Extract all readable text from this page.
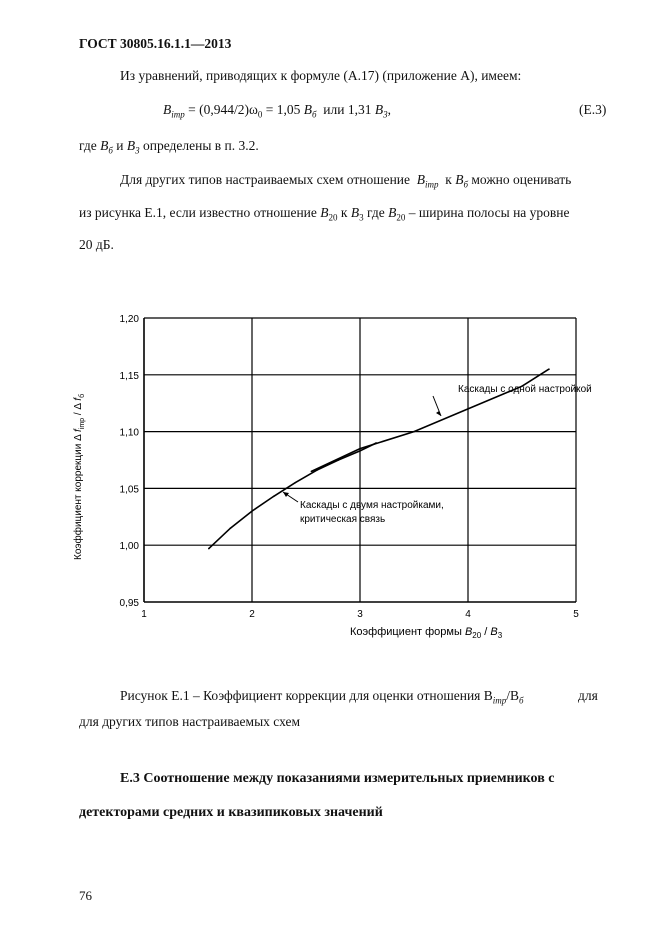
ГОСТ 30805.16.1.1—2013
Из уравнений, приводящих к формуле (А.17) (приложение А), имеем:
$B_{imp} = (0,944/2)\omega_0 = 1,05$ $B_б$ или 1,31 $B_3$,	(Е.3)
где $B_б$ и $B_3$ определены в п. 3.2.
Для других типов настраиваемых схем отношение $B_{imp}$  к $B_б$ можно оценивать
из рисунка Е.1, если известно отношение $B_{20}$ к $B_3$ где $B_{20}$ – ширина полосы на уровне
20 дБ.
1	2	3	4	5
0,95
1,00
1,05
1,10
1,15
1,20
Каскады с одной настройкой
Каскады с двумя настройками,
критическая связь
Коэффициент формы $B_{20} / B_3$
Коэффициент коррекции Δ $f_{imp}$ / Δ $f_б$
Рисунок Е.1 – Коэффициент коррекции для оценки отношения $B_{imp}/B_б$	для
для других типов настраиваемых схем
Е.3 Соотношение между показаниями измерительных приемников с
детекторами средних и квазипиковых значений
76
